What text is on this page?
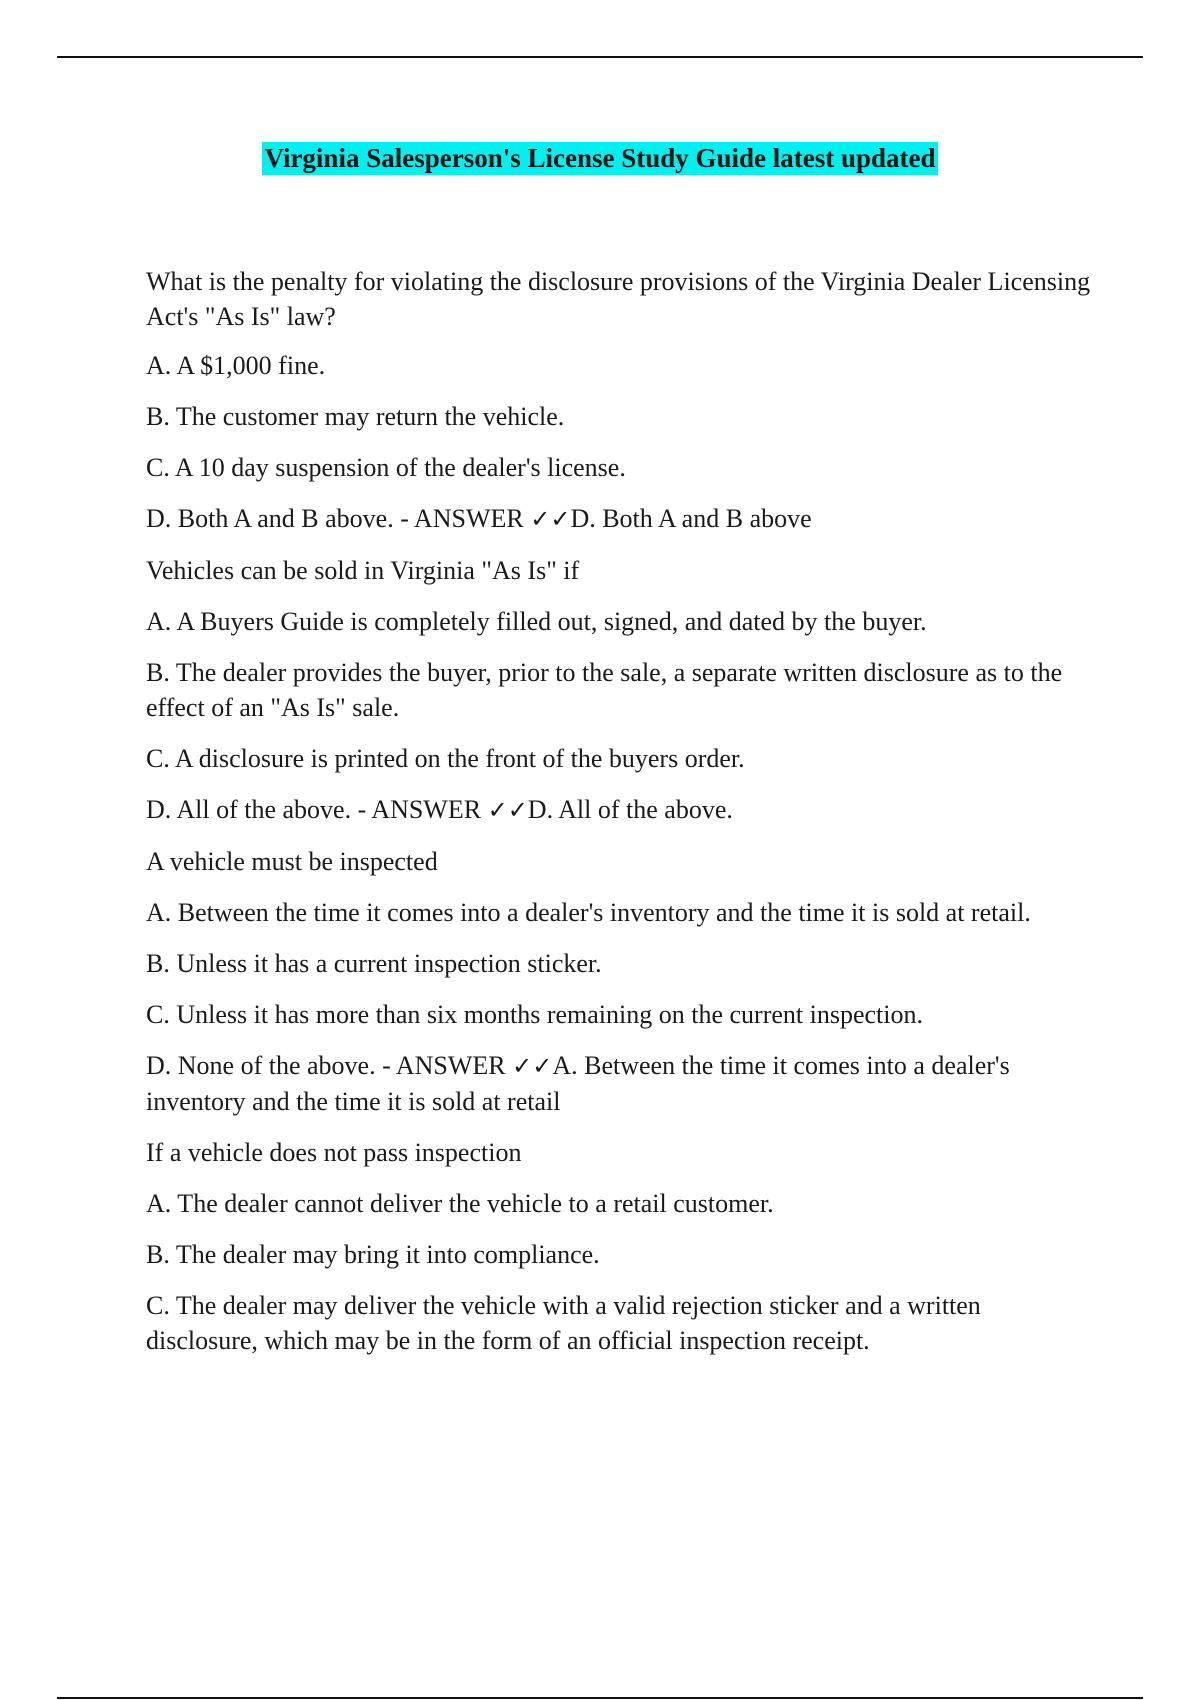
Virginia Salesperson's License Study Guide latest updated

What is the penalty for violating the disclosure provisions of the Virginia Dealer Licensing Act's "As Is" law?

A. A $1,000 fine.

B. The customer may return the vehicle.

C. A 10 day suspension of the dealer's license.

D. Both A and B above. - ANSWER ✓✓D. Both A and B above

Vehicles can be sold in Virginia "As Is" if

A. A Buyers Guide is completely filled out, signed, and dated by the buyer.

B. The dealer provides the buyer, prior to the sale, a separate written disclosure as to the effect of an "As Is" sale.

C. A disclosure is printed on the front of the buyers order.

D. All of the above. - ANSWER ✓✓D. All of the above.

A vehicle must be inspected

A. Between the time it comes into a dealer's inventory and the time it is sold at retail.

B. Unless it has a current inspection sticker.

C. Unless it has more than six months remaining on the current inspection.

D. None of the above. - ANSWER ✓✓A. Between the time it comes into a dealer's inventory and the time it is sold at retail

If a vehicle does not pass inspection

A. The dealer cannot deliver the vehicle to a retail customer.

B. The dealer may bring it into compliance.

C. The dealer may deliver the vehicle with a valid rejection sticker and a written disclosure, which may be in the form of an official inspection receipt.
